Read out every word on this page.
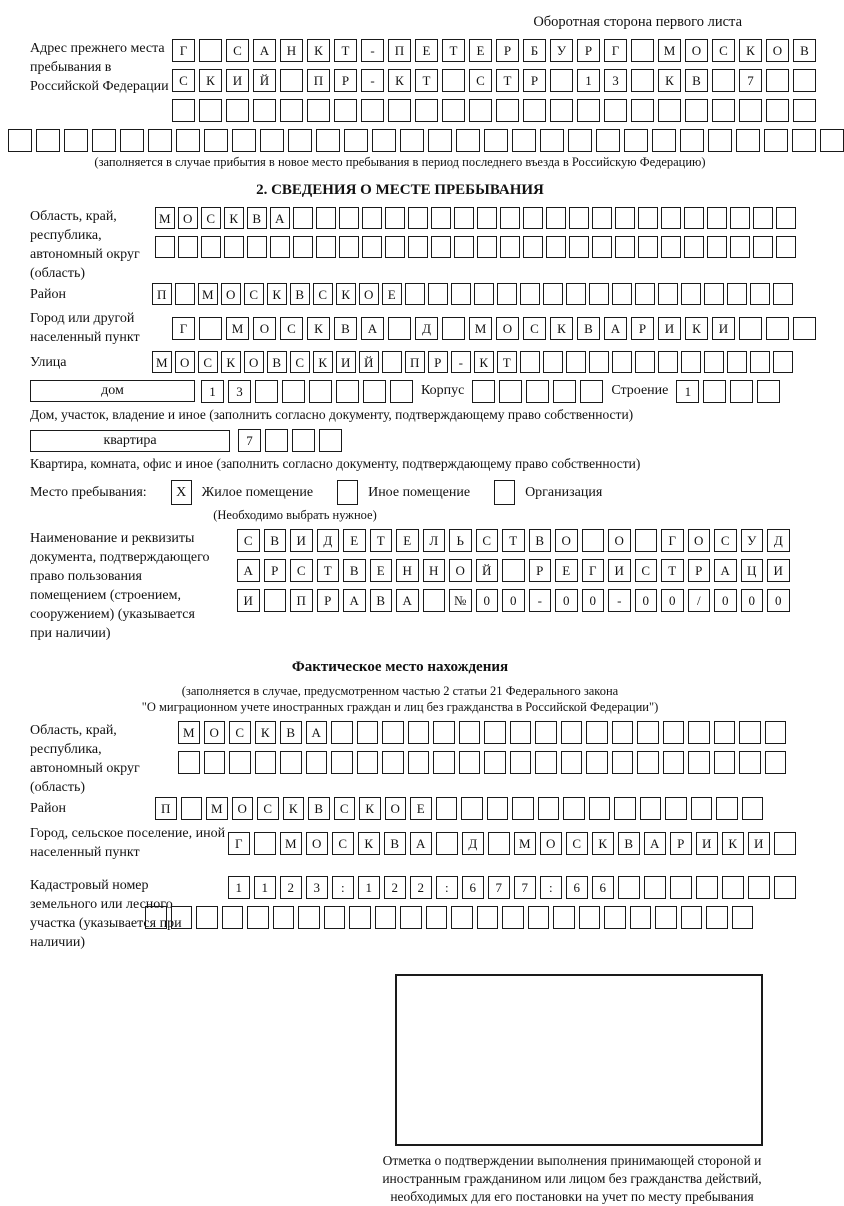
Оборотная сторона первого листа
Адрес прежнего места пребывания в Российской Федерации
Г	С	А	Н	К	Т	-	П	Е	Т	Е	Р	Б	У	Р	Г	М	О	С	К	О	В
С	К	И	Й	П	Р	-	К	Т	С	Т	Р	1	3	К	В	7
(заполняется в случае прибытия в новое место пребывания в период последнего въезда в Российскую Федерацию)
2. СВЕДЕНИЯ О МЕСТЕ ПРЕБЫВАНИЯ
Область, край, республика, автономный округ (область)
М О	С	К	В	А
Район	П	М О	С	К	В	С	К	О	Е
Город или другой населенный пункт
Г	М	О	С	К	В	А	Д	М	О	С	К	В	А	Р	И	К	И
Улица	М О	С	К	О	В	С	К	И	Й	П	Р	-	К	Т
дом	1	3	Корпус	Строение	1
Дом, участок, владение и иное (заполнить согласно документу, подтверждающему право собственности)
квартира	7
Квартира, комната, офис и иное (заполнить согласно документу, подтверждающему право собственности)
Место пребывания:	X	Жилое помещение	Иное помещение	Организация
(Необходимо выбрать нужное)
Наименование и реквизиты документа, подтверждающего право пользования помещением (строением, сооружением) (указывается при наличии)
С	В	И	Д	Е	Т	Е	Л	Ь	С	Т	В	О	О	Г	О	С	У	Д
А	Р	С	Т	В	Е	Н	Н	О	Й	Р	Е	Г	И	С	Т	Р	А	Ц	И
И	П	Р	А	В	А	№	0	0	-	0	0	-	0	0	/	0	0	0
Фактическое место нахождения
(заполняется в случае, предусмотренном частью 2 статьи 21 Федерального закона
"О миграционном учете иностранных граждан и лиц без гражданства в Российской Федерации")
Область, край, республика, автономный округ (область)
М	О	С	К	В	А
Район	П	М	О	С	К	В	С	К	О	Е
Город, сельское поселение, иной населенный пункт
Г	М	О	С	К	В	А	Д	М	О	С	К	В	А	Р	И	К	И
Кадастровый номер земельного или лесного участка (указывается при наличии)
1	1	2	3	:	1	2	2	:	6	7	7	:	6	6
Отметка о подтверждении выполнения принимающей стороной и иностранным гражданином или лицом без гражданства действий, необходимых для его постановки на учет по месту пребывания
